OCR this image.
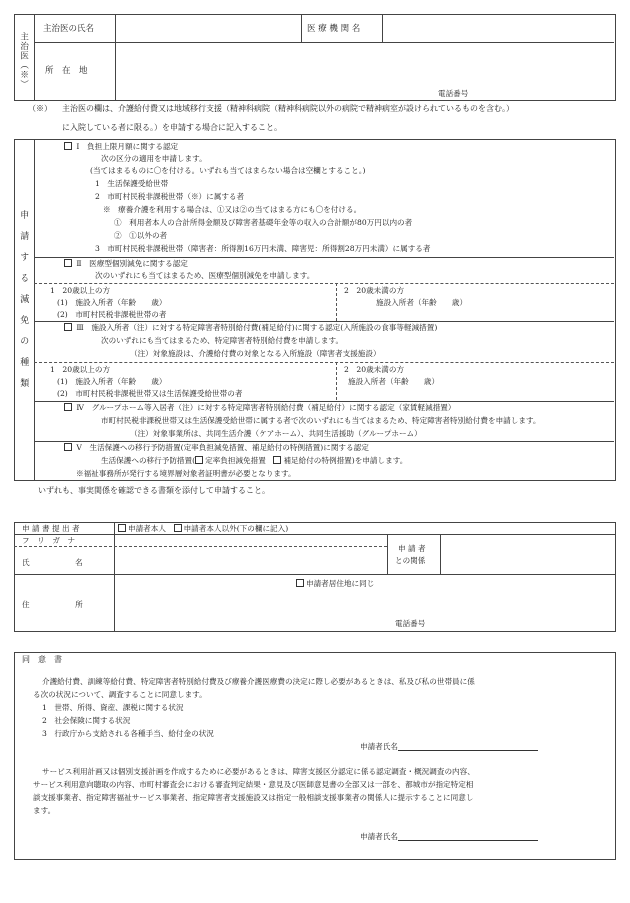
主治医（※）
主治医の氏名	医 療 機 関 名
所　在　地
電話番号
（※） 主治医の欄は、介護給付費又は地域移行支援（精神科病院（精神科病院以外の病院で精神病室が設けられているものを含む。）
に入院している者に限る。）を申請する場合に記入すること。
申請する減免の種類
Ⅰ　負担上限月額に関する認定
次の区分の適用を申請します。
(当てはまるものに〇を付ける。いずれも当てはまらない場合は空欄とすること。)
1　生活保護受給世帯
2　市町村民税非課税世帯（※）に属する者
※　療養介護を利用する場合は、①又は②の当てはまる方にも〇を付ける。
①　利用者本人の合計所得金額及び障害者基礎年金等の収入の合計額が80万円以内の者
②　①以外の者
3　市町村民税非課税世帯（障害者：所得割16万円未満、障害児：所得割28万円未満）に属する者
Ⅱ　医療型個別減免に関する認定
次のいずれにも当てはまるため、医療型個別減免を申請します。
1　20歳以上の方
(1)　施設入所者（年齢　　歳）
(2)　市町村民税非課税世帯の者
2　20歳未満の方
施設入所者（年齢　　歳）
Ⅲ　施設入所者（注）に対する特定障害者特別給付費(補足給付)に関する認定(入所施設の食事等軽減措置)
次のいずれにも当てはまるため、特定障害者特別給付費を申請します。
（注）対象施設は、介護給付費の対象となる入所施設（障害者支援施設）
1　20歳以上の方
(1)　施設入所者（年齢　　歳）
(2)　市町村民税非課税世帯又は生活保護受給世帯の者
2　20歳未満の方
施設入所者（年齢　　歳）
Ⅳ　グループホーム等入居者（注）に対する特定障害者特別給付費（補足給付）に関する認定（家賃軽減措置）
市町村民税非課税世帯又は生活保護受給世帯に属する者で次のいずれにも当てはまるため、特定障害者特別給付費を申請します。
（注）対象事業所は、共同生活介護（ケアホーム）、共同生活援助（グループホーム）
Ⅴ　生活保護への移行予防措置(定率負担減免措置、補足給付の特例措置)に関する認定
生活保護への移行予防措置( 定率負担減免措置　補足給付の特例措置)を申請します。
※福祉事務所が発行する境界層対象者証明書が必要となります。
いずれも、事実関係を確認できる書類を添付して申請すること。
申 請 書 提 出 者	申請者本人　 申請者本人以外(下の欄に記入)
フ　リ　ガ　ナ
氏　　　　　　名
申 請 者
との関係
住　　　　　　所
申請者居住地に同じ
電話番号
同　意　書
介護給付費、訓練等給付費、特定障害者特別給付費及び療養介護医療費の決定に際し必要があるときは、私及び私の世帯員に係
る次の状況について、調査することに同意します。
1　世帯、所得、資産、課税に関する状況
2　社会保険に関する状況
3　行政庁から支給される各種手当、給付金の状況
申請者氏名
サービス利用計画又は個別支援計画を作成するために必要があるときは、障害支援区分認定に係る認定調査・概況調査の内容、
サービス利用意向聴取の内容、市町村審査会における審査判定結果・意見及び医師意見書の全部又は一部を、都城市が指定特定相
談支援事業者、指定障害福祉サービス事業者、指定障害者支援施設又は指定一般相談支援事業者の関係人に提示することに同意し
ます。
申請者氏名
